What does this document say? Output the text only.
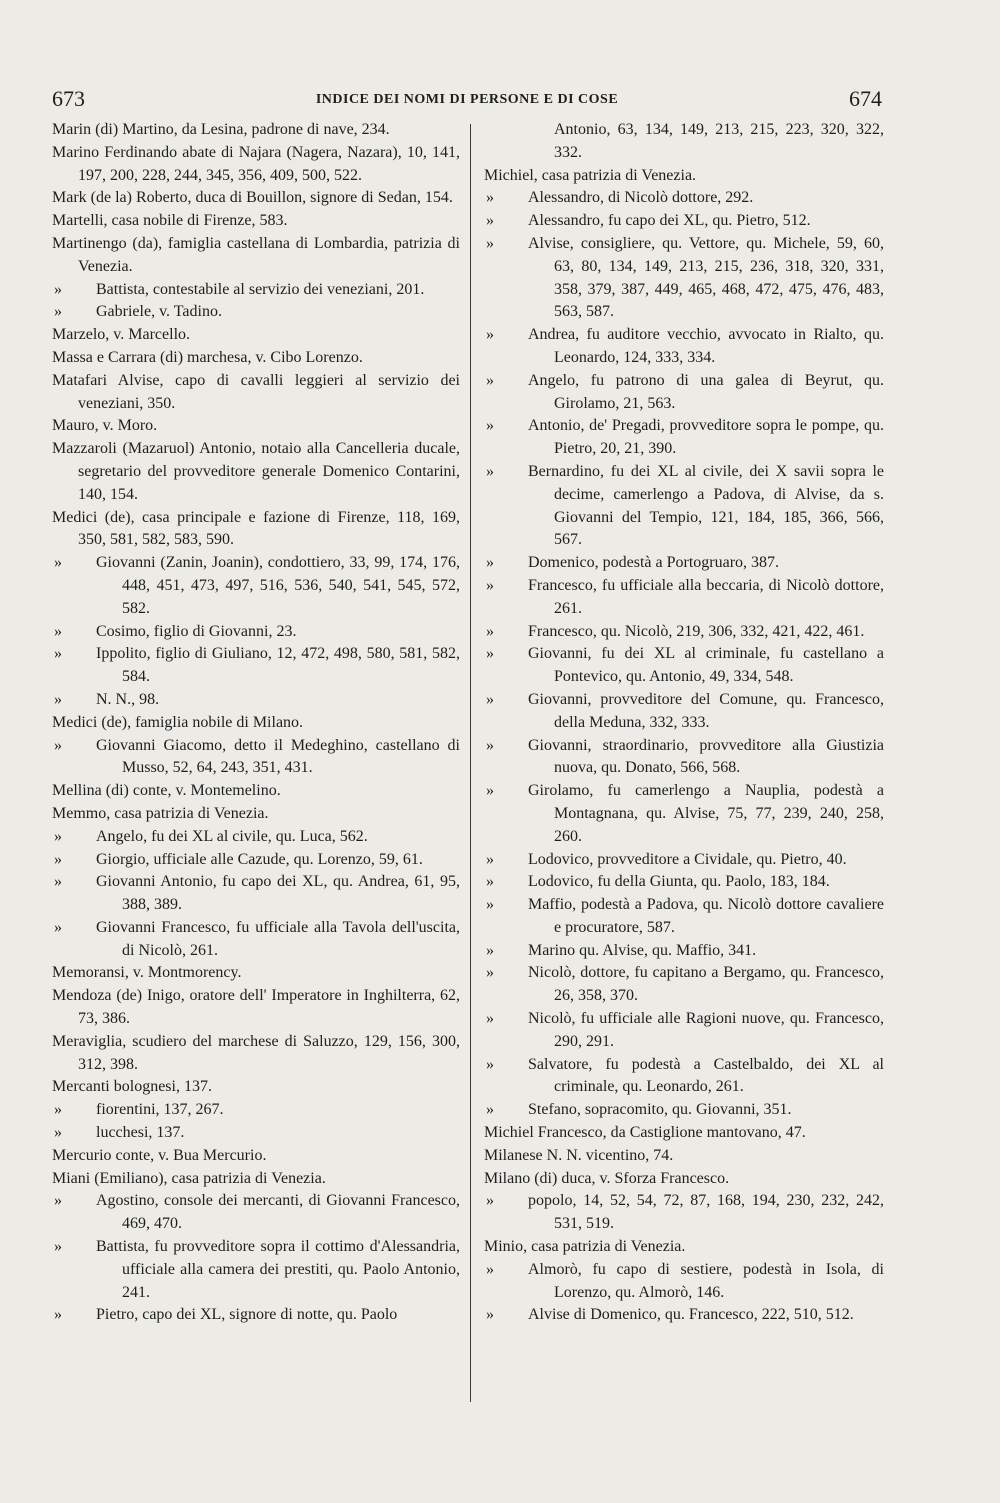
673	INDICE DEI NOMI DI PERSONE E DI COSE	674
Marin (di) Martino, da Lesina, padrone di nave, 234.
Marino Ferdinando abate di Najara (Nagera, Nazara), 10, 141, 197, 200, 228, 244, 345, 356, 409, 500, 522.
Mark (de la) Roberto, duca di Bouillon, signore di Sedan, 154.
Martelli, casa nobile di Firenze, 583.
Martinengo (da), famiglia castellana di Lombardia, patrizia di Venezia.
»	Battista, contestabile al servizio dei veneziani, 201.
»	Gabriele, v. Tadino.
Marzelo, v. Marcello.
Massa e Carrara (di) marchesa, v. Cibo Lorenzo.
Matafari Alvise, capo di cavalli leggieri al servizio dei veneziani, 350.
Mauro, v. Moro.
Mazzaroli (Mazaruol) Antonio, notaio alla Cancelleria ducale, segretario del provveditore generale Domenico Contarini, 140, 154.
Medici (de), casa principale e fazione di Firenze, 118, 169, 350, 581, 582, 583, 590.
»	Giovanni (Zanin, Joanin), condottiero, 33, 99, 174, 176, 448, 451, 473, 497, 516, 536, 540, 541, 545, 572, 582.
»	Cosimo, figlio di Giovanni, 23.
»	Ippolito, figlio di Giuliano, 12, 472, 498, 580, 581, 582, 584.
»	N. N., 98.
Medici (de), famiglia nobile di Milano.
»	Giovanni Giacomo, detto il Medeghino, castellano di Musso, 52, 64, 243, 351, 431.
Mellina (di) conte, v. Montemelino.
Memmo, casa patrizia di Venezia.
»	Angelo, fu dei XL al civile, qu. Luca, 562.
»	Giorgio, ufficiale alle Cazude, qu. Lorenzo, 59, 61.
»	Giovanni Antonio, fu capo dei XL, qu. Andrea, 61, 95, 388, 389.
»	Giovanni Francesco, fu ufficiale alla Tavola dell'uscita, di Nicolò, 261.
Memoransi, v. Montmorency.
Mendoza (de) Inigo, oratore dell' Imperatore in Inghilterra, 62, 73, 386.
Meraviglia, scudiero del marchese di Saluzzo, 129, 156, 300, 312, 398.
Mercanti bolognesi, 137.
»	fiorentini, 137, 267.
»	lucchesi, 137.
Mercurio conte, v. Bua Mercurio.
Miani (Emiliano), casa patrizia di Venezia.
»	Agostino, console dei mercanti, di Giovanni Francesco, 469, 470.
»	Battista, fu provveditore sopra il cottimo d'Alessandria, ufficiale alla camera dei prestiti, qu. Paolo Antonio, 241.
»	Pietro, capo dei XL, signore di notte, qu. Paolo
Antonio, 63, 134, 149, 213, 215, 223, 320, 322, 332.
Michiel, casa patrizia di Venezia.
»	Alessandro, di Nicolò dottore, 292.
»	Alessandro, fu capo dei XL, qu. Pietro, 512.
»	Alvise, consigliere, qu. Vettore, qu. Michele, 59, 60, 63, 80, 134, 149, 213, 215, 236, 318, 320, 331, 358, 379, 387, 449, 465, 468, 472, 475, 476, 483, 563, 587.
»	Andrea, fu auditore vecchio, avvocato in Rialto, qu. Leonardo, 124, 333, 334.
»	Angelo, fu patrono di una galea di Beyrut, qu. Girolamo, 21, 563.
»	Antonio, de' Pregadi, provveditore sopra le pompe, qu. Pietro, 20, 21, 390.
»	Bernardino, fu dei XL al civile, dei X savii sopra le decime, camerlengo a Padova, di Alvise, da s. Giovanni del Tempio, 121, 184, 185, 366, 566, 567.
»	Domenico, podestà a Portogruaro, 387.
»	Francesco, fu ufficiale alla beccaria, di Nicolò dottore, 261.
»	Francesco, qu. Nicolò, 219, 306, 332, 421, 422, 461.
»	Giovanni, fu dei XL al criminale, fu castellano a Pontevico, qu. Antonio, 49, 334, 548.
»	Giovanni, provveditore del Comune, qu. Francesco, della Meduna, 332, 333.
»	Giovanni, straordinario, provveditore alla Giustizia nuova, qu. Donato, 566, 568.
»	Girolamo, fu camerlengo a Nauplia, podestà a Montagnana, qu. Alvise, 75, 77, 239, 240, 258, 260.
»	Lodovico, provveditore a Cividale, qu. Pietro, 40.
»	Lodovico, fu della Giunta, qu. Paolo, 183, 184.
»	Maffio, podestà a Padova, qu. Nicolò dottore cavaliere e procuratore, 587.
»	Marino qu. Alvise, qu. Maffio, 341.
»	Nicolò, dottore, fu capitano a Bergamo, qu. Francesco, 26, 358, 370.
»	Nicolò, fu ufficiale alle Ragioni nuove, qu. Francesco, 290, 291.
»	Salvatore, fu podestà a Castelbaldo, dei XL al criminale, qu. Leonardo, 261.
»	Stefano, sopracomito, qu. Giovanni, 351.
Michiel Francesco, da Castiglione mantovano, 47.
Milanese N. N. vicentino, 74.
Milano (di) duca, v. Sforza Francesco.
»	popolo, 14, 52, 54, 72, 87, 168, 194, 230, 232, 242, 531, 519.
Minio, casa patrizia di Venezia.
»	Almorò, fu capo di sestiere, podestà in Isola, di Lorenzo, qu. Almorò, 146.
»	Alvise di Domenico, qu. Francesco, 222, 510, 512.
